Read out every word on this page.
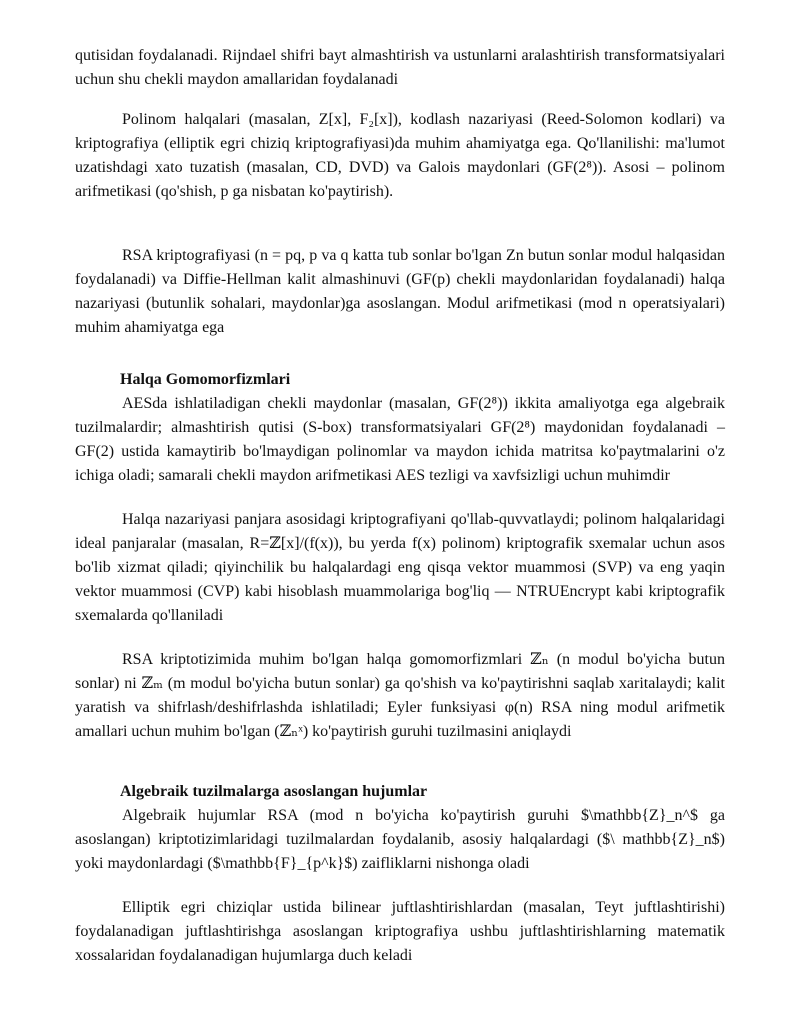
qutisidan foydalanadi. Rijndael shifri bayt almashtirish va ustunlarni aralashtirish transformatsiyalari uchun shu chekli maydon amallaridan foydalanadi

Polinom halqalari (masalan, Z[x], F₂[x]), kodlash nazariyasi (Reed-Solomon kodlari) va kriptografiya (elliptik egri chiziq kriptografiyasi)da muhim ahamiyatga ega. Qo'llanilishi: ma'lumot uzatishdagi xato tuzatish (masalan, CD, DVD) va Galois maydonlari (GF(2⁸)). Asosi – polinom arifmetikasi (qo'shish, p ga nisbatan ko'paytirish).

RSA kriptografiyasi (n = pq, p va q katta tub sonlar bo'lgan Zn butun sonlar modul halqasidan foydalanadi) va Diffie-Hellman kalit almashinuvi (GF(p) chekli maydonlaridan foydalanadi) halqa nazariyasi (butunlik sohalari, maydonlar)ga asoslangan. Modul arifmetikasi (mod n operatsiyalari) muhim ahamiyatga ega

Halqa Gomomorfizmlari

AESda ishlatiladigan chekli maydonlar (masalan, GF(2⁸)) ikkita amaliyotga ega algebraik tuzilmalardir; almashtirish qutisi (S-box) transformatsiyalari GF(2⁸) maydonidan foydalanadi – GF(2) ustida kamaytirib bo'lmaydigan polinomlar va maydon ichida matritsa ko'paytmalarini o'z ichiga oladi; samarali chekli maydon arifmetikasi AES tezligi va xavfsizligi uchun muhimdir

Halqa nazariyasi panjara asosidagi kriptografiyani qo'llab-quvvatlaydi; polinom halqalaridagi ideal panjaralar (masalan, R=ℤ[x]/(f(x)), bu yerda f(x) polinom) kriptografik sxemalar uchun asos bo'lib xizmat qiladi; qiyinchilik bu halqalardagi eng qisqa vektor muammosi (SVP) va eng yaqin vektor muammosi (CVP) kabi hisoblash muammolariga bog'liq — NTRUEncrypt kabi kriptografik sxemalarda qo'llaniladi

RSA kriptotizimida muhim bo'lgan halqa gomomorfizmlari ℤₙ (n modul bo'yicha butun sonlar) ni ℤₘ (m modul bo'yicha butun sonlar) ga qo'shish va ko'paytirishni saqlab xaritalaydi; kalit yaratish va shifrlash/deshifrlashda ishlatiladi; Eyler funksiyasi φ(n) RSA ning modul arifmetik amallari uchun muhim bo'lgan (ℤₙˣ) ko'paytirish guruhi tuzilmasini aniqlaydi

Algebraik tuzilmalarga asoslangan hujumlar

Algebraik hujumlar RSA (mod n bo'yicha ko'paytirish guruhi $\mathbb{Z}_n^$ ga asoslangan) kriptotizimlaridagi tuzilmalardan foydalanib, asosiy halqalardagi ($\ mathbb{Z}_n$) yoki maydonlardagi ($\mathbb{F}_{p^k}$) zaifliklarni nishonga oladi

Elliptik egri chiziqlar ustida bilinear juftlashtirishlardan (masalan, Teyt juftlashtirishi) foydalanadigan juftlashtirishga asoslangan kriptografiya ushbu juftlashtirishlarning matematik xossalaridan foydalanadigan hujumlarga duch keladi
